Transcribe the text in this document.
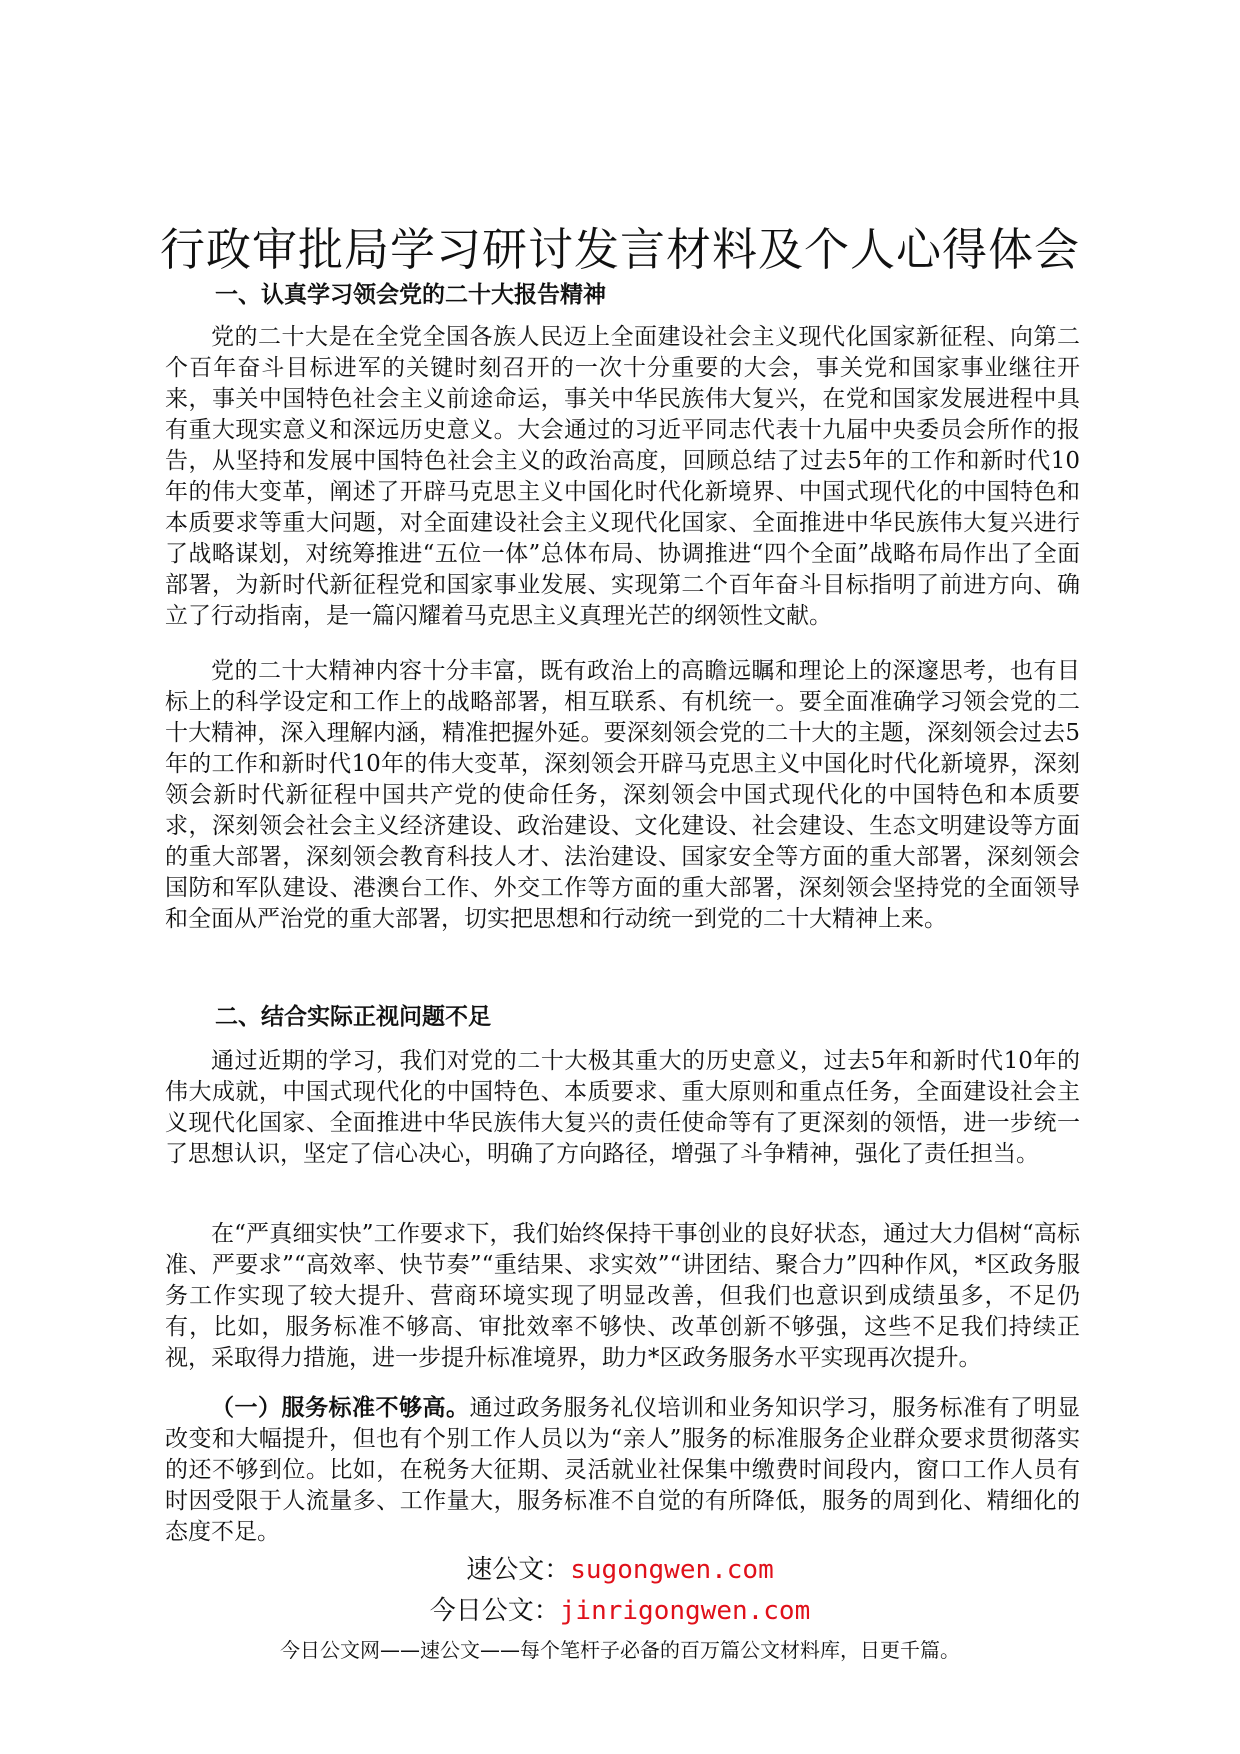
行政审批局学习研讨发言材料及个人心得体会

一、认真学习领会党的二十大报告精神

党的二十大是在全党全国各族人民迈上全面建设社会主义现代化国家新征程、向第二个百年奋斗目标进军的关键时刻召开的一次十分重要的大会，事关党和国家事业继往开来，事关中国特色社会主义前途命运，事关中华民族伟大复兴，在党和国家发展进程中具有重大现实意义和深远历史意义。大会通过的习近平同志代表十九届中央委员会所作的报告，从坚持和发展中国特色社会主义的政治高度，回顾总结了过去5年的工作和新时代10年的伟大变革，阐述了开辟马克思主义中国化时代化新境界、中国式现代化的中国特色和本质要求等重大问题，对全面建设社会主义现代化国家、全面推进中华民族伟大复兴进行了战略谋划，对统筹推进“五位一体”总体布局、协调推进“四个全面”战略布局作出了全面部署，为新时代新征程党和国家事业发展、实现第二个百年奋斗目标指明了前进方向、确立了行动指南，是一篇闪耀着马克思主义真理光芒的纲领性文献。

党的二十大精神内容十分丰富，既有政治上的高瞻远瞩和理论上的深邃思考，也有目标上的科学设定和工作上的战略部署，相互联系、有机统一。要全面准确学习领会党的二十大精神，深入理解内涵，精准把握外延。要深刻领会党的二十大的主题，深刻领会过去5年的工作和新时代10年的伟大变革，深刻领会开辟马克思主义中国化时代化新境界，深刻领会新时代新征程中国共产党的使命任务，深刻领会中国式现代化的中国特色和本质要求，深刻领会社会主义经济建设、政治建设、文化建设、社会建设、生态文明建设等方面的重大部署，深刻领会教育科技人才、法治建设、国家安全等方面的重大部署，深刻领会国防和军队建设、港澳台工作、外交工作等方面的重大部署，深刻领会坚持党的全面领导和全面从严治党的重大部署，切实把思想和行动统一到党的二十大精神上来。

二、结合实际正视问题不足

通过近期的学习，我们对党的二十大极其重大的历史意义，过去5年和新时代10年的伟大成就，中国式现代化的中国特色、本质要求、重大原则和重点任务，全面建设社会主义现代化国家、全面推进中华民族伟大复兴的责任使命等有了更深刻的领悟，进一步统一了思想认识，坚定了信心决心，明确了方向路径，增强了斗争精神，强化了责任担当。

在“严真细实快”工作要求下，我们始终保持干事创业的良好状态，通过大力倡树“高标准、严要求”“高效率、快节奏”“重结果、求实效”“讲团结、聚合力”四种作风，*区政务服务工作实现了较大提升、营商环境实现了明显改善，但我们也意识到成绩虽多，不足仍有，比如，服务标准不够高、审批效率不够快、改革创新不够强，这些不足我们持续正视，采取得力措施，进一步提升标准境界，助力*区政务服务水平实现再次提升。

（一）服务标准不够高。通过政务服务礼仪培训和业务知识学习，服务标准有了明显改变和大幅提升，但也有个别工作人员以为“亲人”服务的标准服务企业群众要求贯彻落实的还不够到位。比如，在税务大征期、灵活就业社保集中缴费时间段内，窗口工作人员有时因受限于人流量多、工作量大，服务标准不自觉的有所降低，服务的周到化、精细化的态度不足。

速公文：sugongwen.com

今日公文：jinrigongwen.com

今日公文网——速公文——每个笔杆子必备的百万篇公文材料库，日更千篇。
